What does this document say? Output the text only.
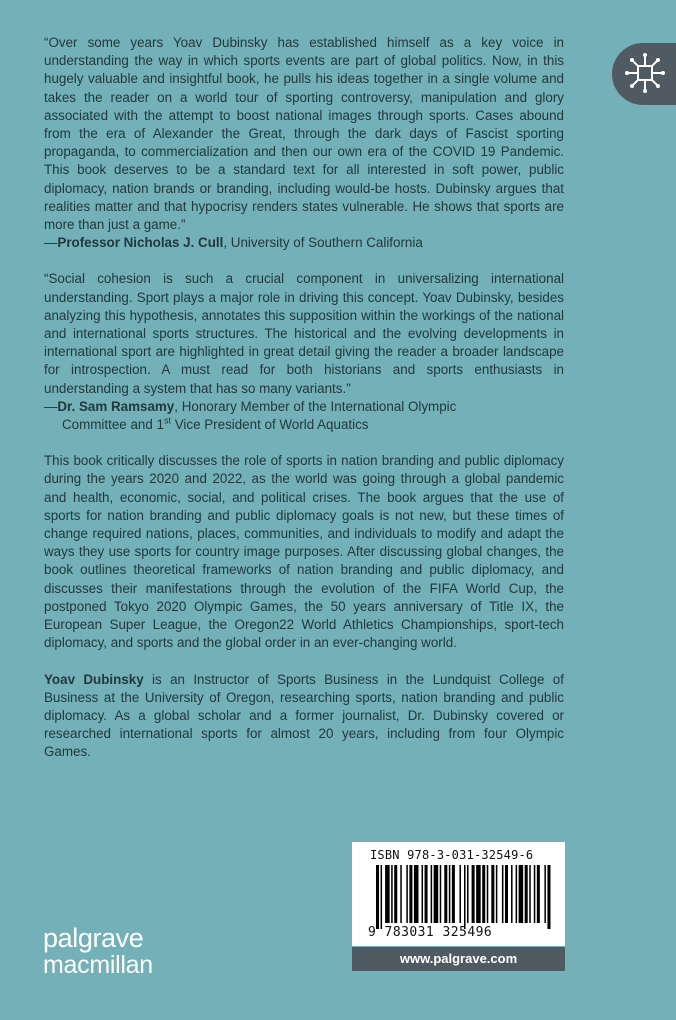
“Over some years Yoav Dubinsky has established himself as a key voice in understanding the way in which sports events are part of global politics. Now, in this hugely valuable and insightful book, he pulls his ideas together in a single volume and takes the reader on a world tour of sporting controversy, manipulation and glory associated with the attempt to boost national images through sports. Cases abound from the era of Alexander the Great, through the dark days of Fascist sporting propaganda, to commercialization and then our own era of the COVID 19 Pandemic. This book deserves to be a standard text for all interested in soft power, public diplomacy, nation brands or branding, including would-be hosts. Dubinsky argues that realities matter and that hypocrisy renders states vulnerable. He shows that sports are more than just a game.”

—Professor Nicholas J. Cull, University of Southern California

“Social cohesion is such a crucial component in universalizing international understanding. Sport plays a major role in driving this concept. Yoav Dubinsky, besides analyzing this hypothesis, annotates this supposition within the workings of the national and international sports structures. The historical and the evolving developments in international sport are highlighted in great detail giving the reader a broader landscape for introspection. A must read for both historians and sports enthusiasts in understanding a system that has so many variants.”

—Dr. Sam Ramsamy, Honorary Member of the International Olympic
Committee and 1st Vice President of World Aquatics

This book critically discusses the role of sports in nation branding and public diplomacy during the years 2020 and 2022, as the world was going through a global pandemic and health, economic, social, and political crises. The book argues that the use of sports for nation branding and public diplomacy goals is not new, but these times of change required nations, places, communities, and individuals to modify and adapt the ways they use sports for country image purposes. After discussing global changes, the book outlines theoretical frameworks of nation branding and public diplomacy, and discusses their manifestations through the evolution of the FIFA World Cup, the postponed Tokyo 2020 Olympic Games, the 50 years anniversary of Title IX, the European Super League, the Oregon22 World Athletics Championships, sport-tech diplomacy, and sports and the global order in an ever-changing world.

Yoav Dubinsky is an Instructor of Sports Business in the Lundquist College of Business at the University of Oregon, researching sports, nation branding and public diplomacy. As a global scholar and a former journalist, Dr. Dubinsky covered or researched international sports for almost 20 years, including from four Olympic Games.

ISBN 978-3-031-32549-6
9 783031 325496
www.palgrave.com
palgrave
macmillan
